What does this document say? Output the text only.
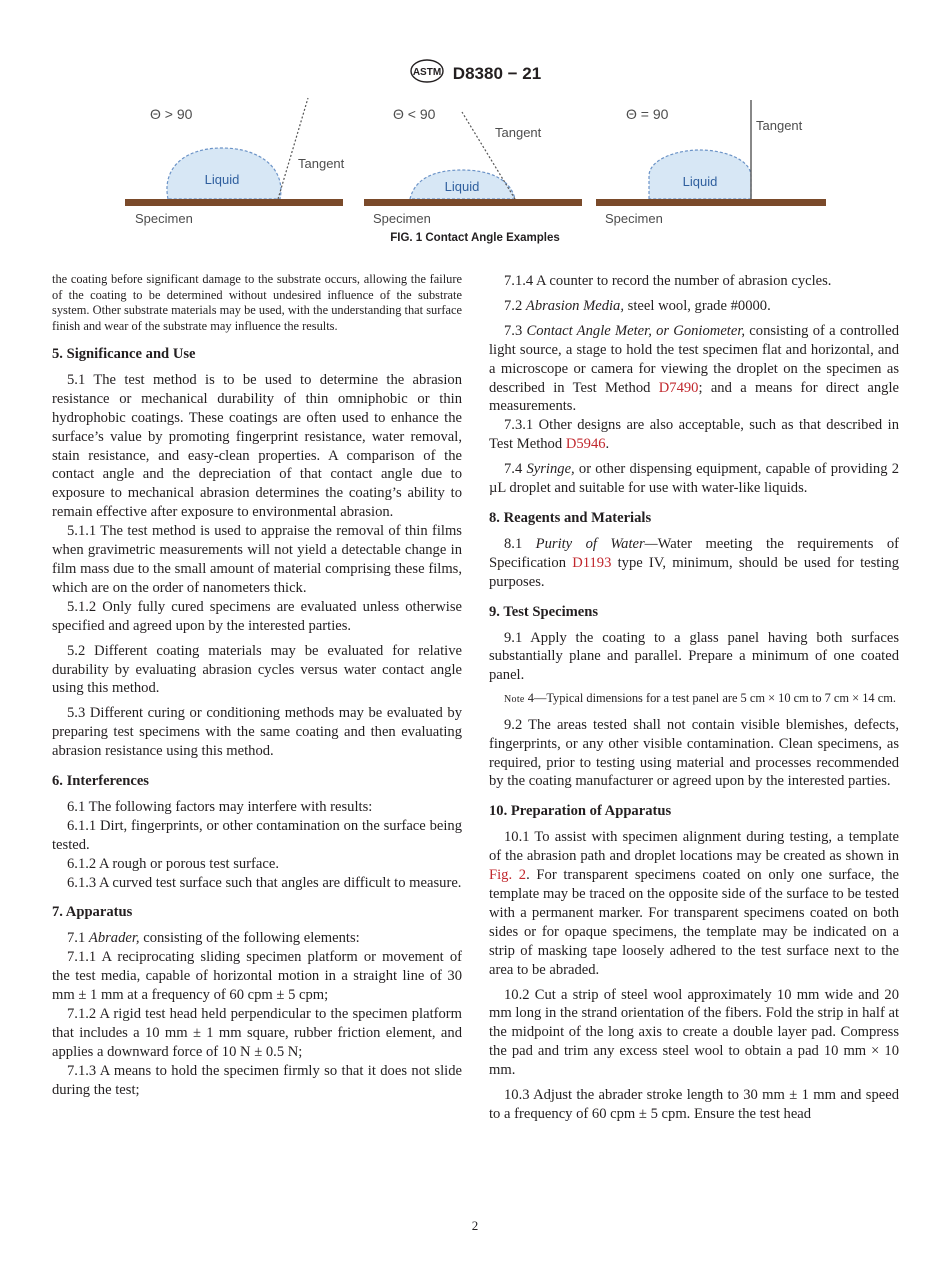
ASTM D8380 − 21
Θ > 90
Liquid
Tangent
Specimen
Θ < 90
Liquid
Tangent
Specimen
Θ = 90
Liquid
Tangent
Specimen
FIG. 1 Contact Angle Examples

the coating before significant damage to the substrate occurs, allowing the failure of the coating to be determined without undesired influence of the substrate system. Other substrate materials may be used, with the understanding that surface finish and wear of the substrate may influence the results.

5. Significance and Use

5.1 The test method is to be used to determine the abrasion resistance or mechanical durability of thin omniphobic or thin hydrophobic coatings. These coatings are often used to enhance the surface’s value by promoting fingerprint resistance, water removal, stain resistance, and easy-clean properties. A comparison of the contact angle and the depreciation of that contact angle due to exposure to mechanical abrasion determines the coating’s ability to remain effective after exposure to environmental abrasion.

5.1.1 The test method is used to appraise the removal of thin films when gravimetric measurements will not yield a detectable change in film mass due to the small amount of material comprising these films, which are on the order of nanometers thick.

5.1.2 Only fully cured specimens are evaluated unless otherwise specified and agreed upon by the interested parties.

5.2 Different coating materials may be evaluated for relative durability by evaluating abrasion cycles versus water contact angle using this method.

5.3 Different curing or conditioning methods may be evaluated by preparing test specimens with the same coating and then evaluating abrasion resistance using this method.

6. Interferences

6.1 The following factors may interfere with results:

6.1.1 Dirt, fingerprints, or other contamination on the surface being tested.

6.1.2 A rough or porous test surface.

6.1.3 A curved test surface such that angles are difficult to measure.

7. Apparatus

7.1 Abrader, consisting of the following elements:

7.1.1 A reciprocating sliding specimen platform or movement of the test media, capable of horizontal motion in a straight line of 30 mm ± 1 mm at a frequency of 60 cpm ± 5 cpm;

7.1.2 A rigid test head held perpendicular to the specimen platform that includes a 10 mm ± 1 mm square, rubber friction element, and applies a downward force of 10 N ± 0.5 N;

7.1.3 A means to hold the specimen firmly so that it does not slide during the test;

7.1.4 A counter to record the number of abrasion cycles.

7.2 Abrasion Media, steel wool, grade #0000.

7.3 Contact Angle Meter, or Goniometer, consisting of a controlled light source, a stage to hold the test specimen flat and horizontal, and a microscope or camera for viewing the droplet on the specimen as described in Test Method D7490; and a means for direct angle measurements.

7.3.1 Other designs are also acceptable, such as that described in Test Method D5946.

7.4 Syringe, or other dispensing equipment, capable of providing 2 µL droplet and suitable for use with water-like liquids.

8. Reagents and Materials

8.1 Purity of Water—Water meeting the requirements of Specification D1193 type IV, minimum, should be used for testing purposes.

9. Test Specimens

9.1 Apply the coating to a glass panel having both surfaces substantially plane and parallel. Prepare a minimum of one coated panel.

Note 4—Typical dimensions for a test panel are 5 cm × 10 cm to 7 cm × 14 cm.

9.2 The areas tested shall not contain visible blemishes, defects, fingerprints, or any other visible contamination. Clean specimens, as required, prior to testing using material and processes recommended by the coating manufacturer or agreed upon by the interested parties.

10. Preparation of Apparatus

10.1 To assist with specimen alignment during testing, a template of the abrasion path and droplet locations may be created as shown in Fig. 2. For transparent specimens coated on only one surface, the template may be traced on the opposite side of the surface to be tested with a permanent marker. For transparent specimens coated on both sides or for opaque specimens, the template may be indicated on a strip of masking tape loosely adhered to the test surface next to the area to be abraded.

10.2 Cut a strip of steel wool approximately 10 mm wide and 20 mm long in the strand orientation of the fibers. Fold the strip in half at the midpoint of the long axis to create a double layer pad. Compress the pad and trim any excess steel wool to obtain a pad 10 mm × 10 mm.

10.3 Adjust the abrader stroke length to 30 mm ± 1 mm and speed to a frequency of 60 cpm ± 5 cpm. Ensure the test head

2
